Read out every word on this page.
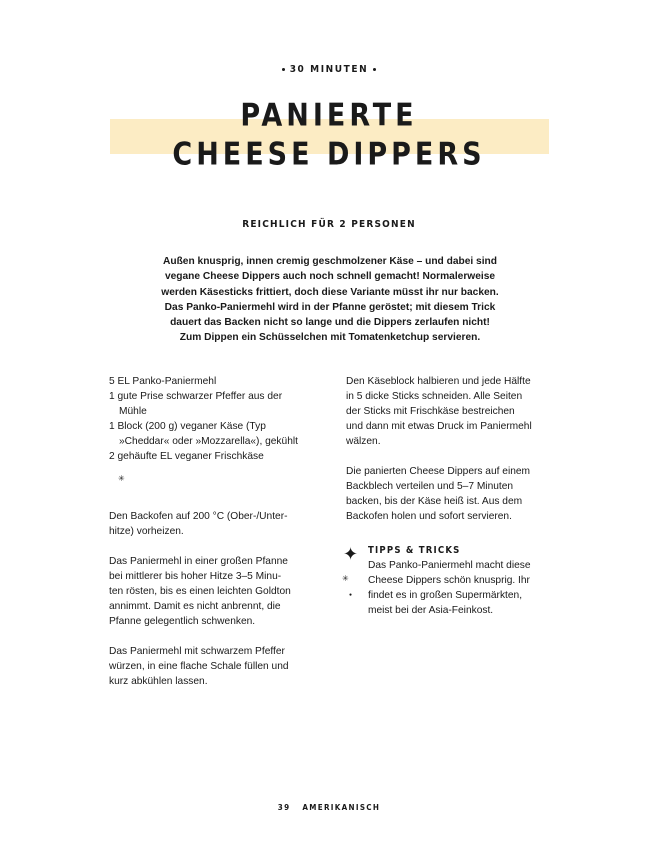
30 MINUTEN
PANIERTE
CHEESE DIPPERS
REICHLICH FÜR 2 PERSONEN
Außen knusprig, innen cremig geschmolzener Käse – und dabei sind
vegane Cheese Dippers auch noch schnell gemacht! Normalerweise
werden Käsesticks frittiert, doch diese Variante müsst ihr nur backen.
Das Panko-Paniermehl wird in der Pfanne geröstet; mit diesem Trick
dauert das Backen nicht so lange und die Dippers zerlaufen nicht!
Zum Dippen ein Schüsselchen mit Tomatenketchup servieren.

5 EL Panko-Paniermehl

1 gute Prise schwarzer Pfeffer aus der Mühle

1 Block (200 g) veganer Käse (Typ »Cheddar« oder »Mozzarella«), gekühlt

2 gehäufte EL veganer Frischkäse

Den Backofen auf 200 °C (Ober-/Unter-

hitze) vorheizen.

Das Paniermehl in einer großen Pfanne

bei mittlerer bis hoher Hitze 3–5 Minu-

ten rösten, bis es einen leichten Goldton

annimmt. Damit es nicht anbrennt, die

Pfanne gelegentlich schwenken.

Das Paniermehl mit schwarzem Pfeffer

würzen, in eine flache Schale füllen und

kurz abkühlen lassen.

✳

Den Käseblock halbieren und jede Hälfte

in 5 dicke Sticks schneiden. Alle Seiten

der Sticks mit Frischkäse bestreichen

und dann mit etwas Druck im Paniermehl

wälzen.

Die panierten Cheese Dippers auf einem

Backblech verteilen und 5–7 Minuten

backen, bis der Käse heiß ist. Aus dem

Backofen holen und sofort servieren.

✦
✳
●
TIPPS & TRICKS

Das Panko-Paniermehl macht diese

Cheese Dippers schön knusprig. Ihr

findet es in großen Supermärkten,

meist bei der Asia-Feinkost.

39 AMERIKANISCH
